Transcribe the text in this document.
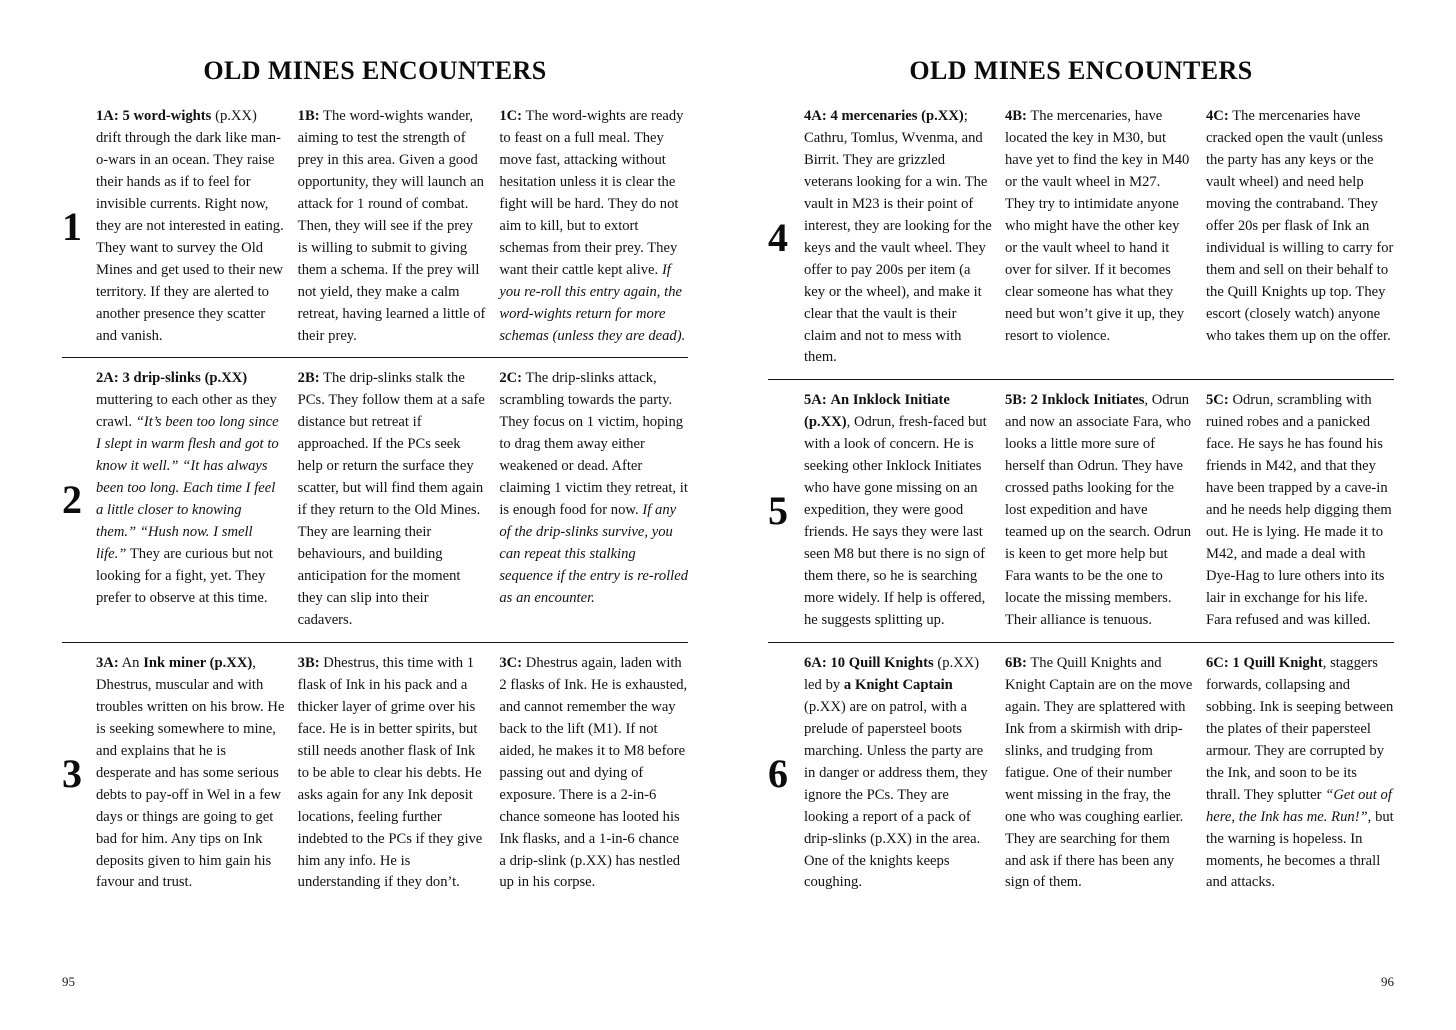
OLD MINES ENCOUNTERS
1

1A: 5 word-wights (p.XX) drift through the dark like man-o-wars in an ocean. They raise their hands as if to feel for invisible currents. Right now, they are not interested in eating. They want to survey the Old Mines and get used to their new territory. If they are alerted to another presence they scatter and vanish.

1B: The word-wights wander, aiming to test the strength of prey in this area. Given a good opportunity, they will launch an attack for 1 round of combat. Then, they will see if the prey is willing to submit to giving them a schema. If the prey will not yield, they make a calm retreat, having learned a little of their prey.

1C: The word-wights are ready to feast on a full meal. They move fast, attacking without hesitation unless it is clear the fight will be hard. They do not aim to kill, but to extort schemas from their prey. They want their cattle kept alive. If you re-roll this entry again, the word-wights return for more schemas (unless they are dead).

2

2A: 3 drip-slinks (p.XX) muttering to each other as they crawl. “It’s been too long since I slept in warm flesh and got to know it well.” “It has always been too long. Each time I feel a little closer to knowing them.” “Hush now. I smell life.” They are curious but not looking for a fight, yet. They prefer to observe at this time.

2B: The drip-slinks stalk the PCs. They follow them at a safe distance but retreat if approached. If the PCs seek help or return the surface they scatter, but will find them again if they return to the Old Mines. They are learning their behaviours, and building anticipation for the moment they can slip into their cadavers.

2C: The drip-slinks attack, scrambling towards the party. They focus on 1 victim, hoping to drag them away either weakened or dead. After claiming 1 victim they retreat, it is enough food for now. If any of the drip-slinks survive, you can repeat this stalking sequence if the entry is re-rolled as an encounter.

3

3A: An Ink miner (p.XX), Dhestrus, muscular and with troubles written on his brow. He is seeking somewhere to mine, and explains that he is desperate and has some serious debts to pay-off in Wel in a few days or things are going to get bad for him. Any tips on Ink deposits given to him gain his favour and trust.

3B: Dhestrus, this time with 1 flask of Ink in his pack and a thicker layer of grime over his face. He is in better spirits, but still needs another flask of Ink to be able to clear his debts. He asks again for any Ink deposit locations, feeling further indebted to the PCs if they give him any info. He is understanding if they don’t.

3C: Dhestrus again, laden with 2 flasks of Ink. He is exhausted, and cannot remember the way back to the lift (M1). If not aided, he makes it to M8 before passing out and dying of exposure. There is a 2-in-6 chance someone has looted his Ink flasks, and a 1-in-6 chance a drip-slink (p.XX) has nestled up in his corpse.

95
OLD MINES ENCOUNTERS
4

4A: 4 mercenaries (p.XX); Cathru, Tomlus, Wvenma, and Birrit. They are grizzled veterans looking for a win. The vault in M23 is their point of interest, they are looking for the keys and the vault wheel. They offer to pay 200s per item (a key or the wheel), and make it clear that the vault is their claim and not to mess with them.

4B: The mercenaries, have located the key in M30, but have yet to find the key in M40 or the vault wheel in M27. They try to intimidate anyone who might have the other key or the vault wheel to hand it over for silver. If it becomes clear someone has what they need but won’t give it up, they resort to violence.

4C: The mercenaries have cracked open the vault (unless the party has any keys or the vault wheel) and need help moving the contraband. They offer 20s per flask of Ink an individual is willing to carry for them and sell on their behalf to the Quill Knights up top. They escort (closely watch) anyone who takes them up on the offer.

5

5A: An Inklock Initiate (p.XX), Odrun, fresh-faced but with a look of concern. He is seeking other Inklock Initiates who have gone missing on an expedition, they were good friends. He says they were last seen M8 but there is no sign of them there, so he is searching more widely. If help is offered, he suggests splitting up.

5B: 2 Inklock Initiates, Odrun and now an associate Fara, who looks a little more sure of herself than Odrun. They have crossed paths looking for the lost expedition and have teamed up on the search. Odrun is keen to get more help but Fara wants to be the one to locate the missing members. Their alliance is tenuous.

5C: Odrun, scrambling with ruined robes and a panicked face. He says he has found his friends in M42, and that they have been trapped by a cave-in and he needs help digging them out. He is lying. He made it to M42, and made a deal with Dye-Hag to lure others into its lair in exchange for his life. Fara refused and was killed.

6

6A: 10 Quill Knights (p.XX) led by a Knight Captain (p.XX) are on patrol, with a prelude of papersteel boots marching. Unless the party are in danger or address them, they ignore the PCs. They are looking a report of a pack of drip-slinks (p.XX) in the area. One of the knights keeps coughing.

6B: The Quill Knights and Knight Captain are on the move again. They are splattered with Ink from a skirmish with drip-slinks, and trudging from fatigue. One of their number went missing in the fray, the one who was coughing earlier. They are searching for them and ask if there has been any sign of them.

6C: 1 Quill Knight, staggers forwards, collapsing and sobbing. Ink is seeping between the plates of their papersteel armour. They are corrupted by the Ink, and soon to be its thrall. They splutter “Get out of here, the Ink has me. Run!”, but the warning is hopeless. In moments, he becomes a thrall and attacks.

96
